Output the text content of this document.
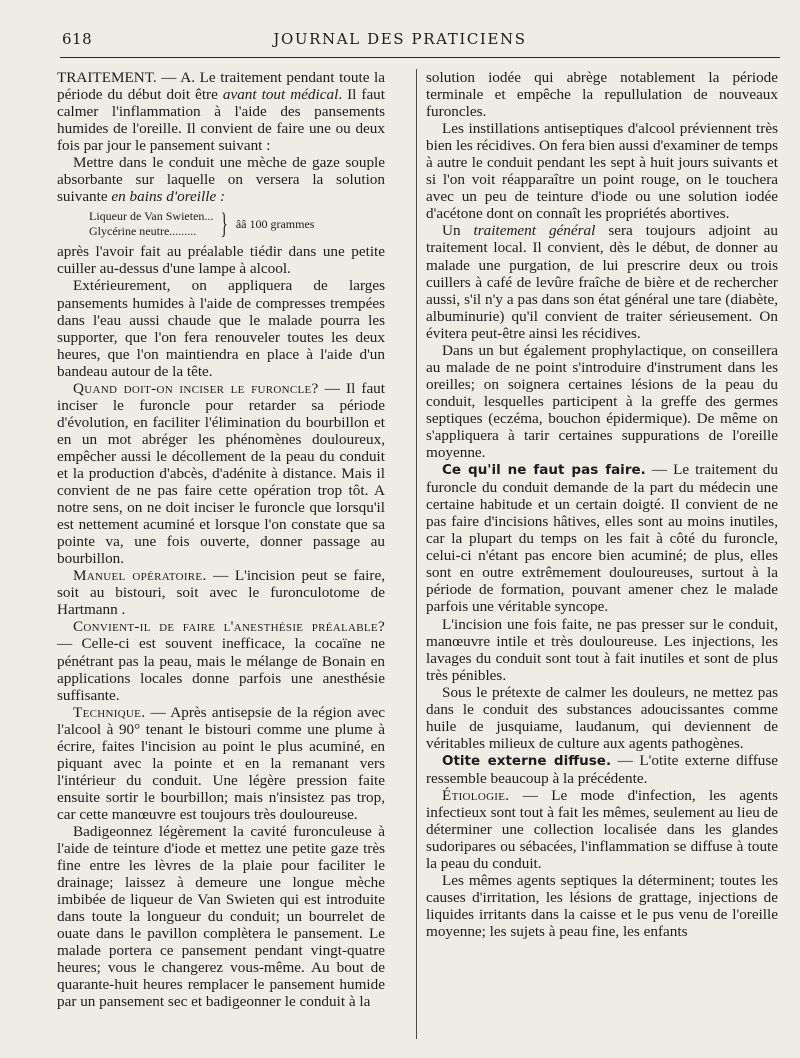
618	JOURNAL DES PRATICIENS

TRAITEMENT. — A. Le traitement pendant toute la période du début doit être avant tout médical. Il faut calmer l'inflammation à l'aide des pansements humides de l'oreille. Il convient de faire une ou deux fois par jour le pansement suivant :

Mettre dans le conduit une mèche de gaze souple absorbante sur laquelle on versera la solution suivante en bains d'oreille :

Liqueur de Van Swieten...
Glycérine neutre......... } ââ 100 grammes

après l'avoir fait au préalable tiédir dans une petite cuiller au-dessus d'une lampe à alcool.

Extérieurement, on appliquera de larges pansements humides à l'aide de compresses trempées dans l'eau aussi chaude que le malade pourra les supporter, que l'on fera renouveler toutes les deux heures, que l'on maintiendra en place à l'aide d'un bandeau autour de la tête.

Quand doit-on inciser le furoncle? — Il faut inciser le furoncle pour retarder sa période d'évolution, en faciliter l'élimination du bourbillon et en un mot abréger les phénomènes douloureux, empêcher aussi le décollement de la peau du conduit et la production d'abcès, d'adénite à distance. Mais il convient de ne pas faire cette opération trop tôt. A notre sens, on ne doit inciser le furoncle que lorsqu'il est nettement acuminé et lorsque l'on constate que sa pointe va, une fois ouverte, donner passage au bourbillon.

Manuel opératoire. — L'incision peut se faire, soit au bistouri, soit avec le furonculotome de Hartmann .

Convient-il de faire l'anesthésie préalable? — Celle-ci est souvent inefficace, la cocaïne ne pénétrant pas la peau, mais le mélange de Bonain en applications locales donne parfois une anesthésie suffisante.

Technique. — Après antisepsie de la région avec l'alcool à 90° tenant le bistouri comme une plume à écrire, faites l'incision au point le plus acuminé, en piquant avec la pointe et en la remanant vers l'intérieur du conduit. Une légère pression faite ensuite sortir le bourbillon; mais n'insistez pas trop, car cette manœuvre est toujours très douloureuse.

Badigeonnez légèrement la cavité furonculeuse à l'aide de teinture d'iode et mettez une petite gaze très fine entre les lèvres de la plaie pour faciliter le drainage; laissez à demeure une longue mèche imbibée de liqueur de Van Swieten qui est introduite dans toute la longueur du conduit; un bourrelet de ouate dans le pavillon complètera le pansement. Le malade portera ce pansement pendant vingt-quatre heures; vous le changerez vous-même. Au bout de quarante-huit heures remplacer le pansement humide par un pansement sec et badigeonner le conduit à la

solution iodée qui abrège notablement la période terminale et empêche la repullulation de nouveaux furoncles.

Les instillations antiseptiques d'alcool préviennent très bien les récidives. On fera bien aussi d'examiner de temps à autre le conduit pendant les sept à huit jours suivants et si l'on voit réapparaître un point rouge, on le touchera avec un peu de teinture d'iode ou une solution iodée d'acétone dont on connaît les propriétés abortives.

Un traitement général sera toujours adjoint au traitement local. Il convient, dès le début, de donner au malade une purgation, de lui prescrire deux ou trois cuillers à café de levûre fraîche de bière et de rechercher aussi, s'il n'y a pas dans son état général une tare (diabète, albuminurie) qu'il convient de traiter sérieusement. On évitera peut-être ainsi les récidives.

Dans un but également prophylactique, on conseillera au malade de ne point s'introduire d'instrument dans les oreilles; on soignera certaines lésions de la peau du conduit, lesquelles participent à la greffe des germes septiques (eczéma, bouchon épidermique). De même on s'appliquera à tarir certaines suppurations de l'oreille moyenne.

Ce qu'il ne faut pas faire. — Le traitement du furoncle du conduit demande de la part du médecin une certaine habitude et un certain doigté. Il convient de ne pas faire d'incisions hâtives, elles sont au moins inutiles, car la plupart du temps on les fait à côté du furoncle, celui-ci n'étant pas encore bien acuminé; de plus, elles sont en outre extrêmement douloureuses, surtout à la période de formation, pouvant amener chez le malade parfois une véritable syncope.

L'incision une fois faite, ne pas presser sur le conduit, manœuvre intile et très douloureuse. Les injections, les lavages du conduit sont tout à fait inutiles et sont de plus très pénibles.

Sous le prétexte de calmer les douleurs, ne mettez pas dans le conduit des substances adoucissantes comme huile de jusquiame, laudanum, qui deviennent de véritables milieux de culture aux agents pathogènes.

Otite externe diffuse. — L'otite externe diffuse ressemble beaucoup à la précédente.

Étiologie. — Le mode d'infection, les agents infectieux sont tout à fait les mêmes, seulement au lieu de déterminer une collection localisée dans les glandes sudoripares ou sébacées, l'inflammation se diffuse à toute la peau du conduit.

Les mêmes agents septiques la déterminent; toutes les causes d'irritation, les lésions de grattage, injections de liquides irritants dans la caisse et le pus venu de l'oreille moyenne; les sujets à peau fine, les enfants
